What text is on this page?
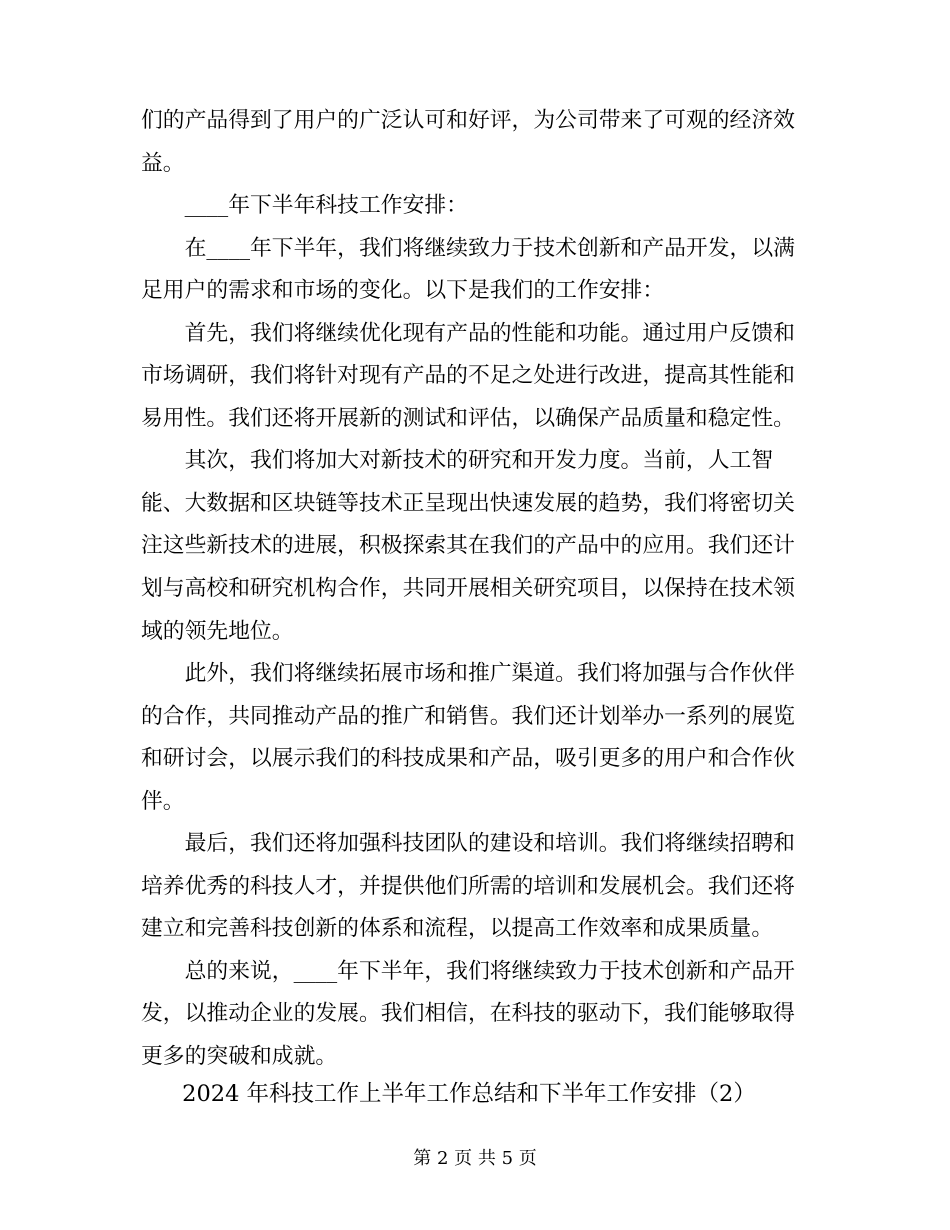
们的产品得到了用户的广泛认可和好评，为公司带来了可观的经济效
益。
____年下半年科技工作安排：
在____年下半年，我们将继续致力于技术创新和产品开发，以满
足用户的需求和市场的变化。以下是我们的工作安排：
首先，我们将继续优化现有产品的性能和功能。通过用户反馈和
市场调研，我们将针对现有产品的不足之处进行改进，提高其性能和
易用性。我们还将开展新的测试和评估，以确保产品质量和稳定性。
其次，我们将加大对新技术的研究和开发力度。当前，人工智
能、大数据和区块链等技术正呈现出快速发展的趋势，我们将密切关
注这些新技术的进展，积极探索其在我们的产品中的应用。我们还计
划与高校和研究机构合作，共同开展相关研究项目，以保持在技术领
域的领先地位。
此外，我们将继续拓展市场和推广渠道。我们将加强与合作伙伴
的合作，共同推动产品的推广和销售。我们还计划举办一系列的展览
和研讨会，以展示我们的科技成果和产品，吸引更多的用户和合作伙
伴。
最后，我们还将加强科技团队的建设和培训。我们将继续招聘和
培养优秀的科技人才，并提供他们所需的培训和发展机会。我们还将
建立和完善科技创新的体系和流程，以提高工作效率和成果质量。
总的来说，____年下半年，我们将继续致力于技术创新和产品开
发，以推动企业的发展。我们相信，在科技的驱动下，我们能够取得
更多的突破和成就。
2024 年科技工作上半年工作总结和下半年工作安排（2）
第 2 页 共 5 页
